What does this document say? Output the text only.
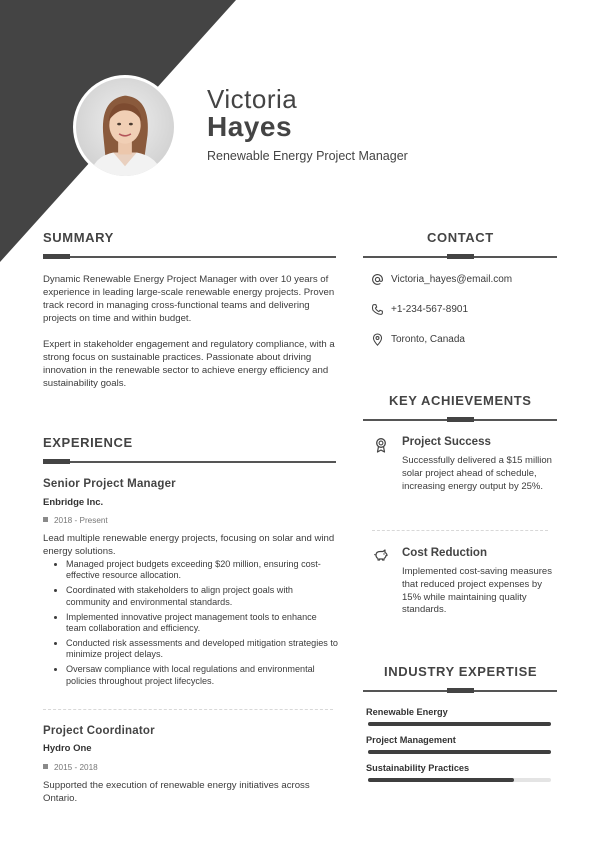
Victoria
Hayes
Renewable Energy Project Manager
SUMMARY
Dynamic Renewable Energy Project Manager with over 10 years of experience in leading large-scale renewable energy projects. Proven track record in managing cross-functional teams and delivering projects on time and within budget.
Expert in stakeholder engagement and regulatory compliance, with a strong focus on sustainable practices. Passionate about driving innovation in the renewable sector to achieve energy efficiency and sustainability goals.
EXPERIENCE
Senior Project Manager
Enbridge Inc.
2018 - Present
Lead multiple renewable energy projects, focusing on solar and wind energy solutions.
• Managed project budgets exceeding $20 million, ensuring cost-effective resource allocation.
• Coordinated with stakeholders to align project goals with community and environmental standards.
• Implemented innovative project management tools to enhance team collaboration and efficiency.
• Conducted risk assessments and developed mitigation strategies to minimize project delays.
• Oversaw compliance with local regulations and environmental policies throughout project lifecycles.
Project Coordinator
Hydro One
2015 - 2018
Supported the execution of renewable energy initiatives across Ontario.
CONTACT
Victoria_hayes@email.com
+1-234-567-8901
Toronto, Canada
KEY ACHIEVEMENTS
Project Success
Successfully delivered a $15 million solar project ahead of schedule, increasing energy output by 25%.
Cost Reduction
Implemented cost-saving measures that reduced project expenses by 15% while maintaining quality standards.
INDUSTRY EXPERTISE
Renewable Energy
Project Management
Sustainability Practices
